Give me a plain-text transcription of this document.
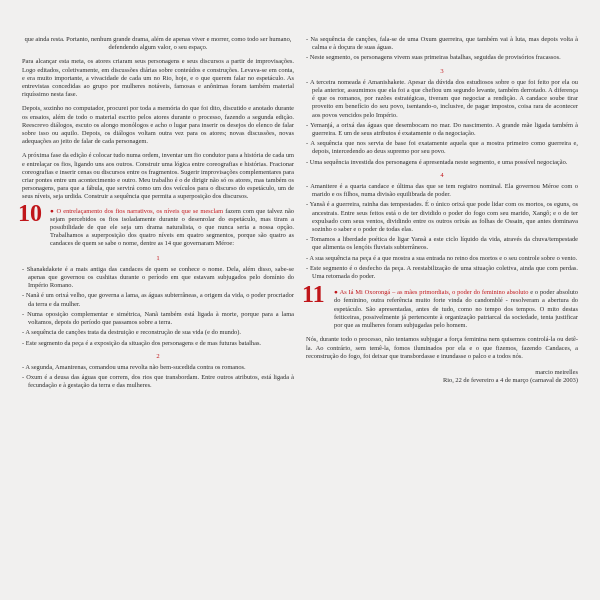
que ainda resta. Portanto, nenhum grande drama, além de apenas viver e morrer, como todo ser humano, defendendo algum valor, o seu espaço.

Para alcançar esta meta, os atores criaram seus personagens e seus discursos a partir de improvisações. Logo editados, coletivamente, em discussões diárias sobre conteúdos e construções. Levava-se em conta, e era muito importante, a vivacidade de cada um no Rio, hoje, e o que querem falar no espetáculo. As entrevistas concedidas ao grupo por mulheres notáveis, famosas e anônimas foram também material riquíssimo nesta fase.

Depois, sozinho no computador, procurei por toda a memória do que foi dito, discutido e anotado durante os ensaios, além de todo o material escrito pelos atores durante o processo, fazendo a segunda edição. Reescrevo diálogos, escuto os alongo monólogos e acho o lugar para inserir os desejos do elenco de falar sobre isso ou aquilo. Depois, os diálogos voltam outra vez para os atores; novas discussões, novas adequações ao jeito de falar de cada personagem.

A próxima fase da edição é colocar tudo numa ordem, inventar um fio condutor para a história de cada um e entrelaçar os fios, ligando uns aos outros. Construir uma lógica entre coreografias e histórias. Fracionar coreografias e inserir cenas ou discursos entre os fragmentos. Sugerir improvisações complementares para criar pontes entre um acontecimento e outro. Meu trabalho é o de dirigir não só os atores, mas também os personagens, para que a fábula, que servirá como um dos veículos para o discurso do espetáculo, um de seus níveis, seja urdida. Construir a sequência que permita a superposição dos discursos.

10 ● O entrelaçamento dos fios narrativos, os níveis que se mesclam fazem com que talvez não sejam percebidos os fios isoladamente durante o desenrolar do espetáculo, mas tiram a possibilidade de que ele seja um drama naturalista, o que nunca seria a nossa opção. Trabalhamos a superposição dos quatro níveis em quatro segmentos, porque são quatro as candaces de quem se sabe o nome, dentre as 14 que governaram Méroe:

1
- Shanakdakete é a mais antiga das candaces de quem se conhece o nome. Dela, além disso, sabe-se apenas que governou os cushitas durante o período em que estavam subjugados pelo domínio do Império Romano.
- Nanã é um orixá velho, que governa a lama, as águas subterrâneas, a origem da vida, o poder procriador da terra e da mulher.
- Numa oposição complementar e simétrica, Nanã também está ligada à morte, porque para a lama voltamos, depois do período que passamos sobre a terra.
- A sequência de canções trata da destruição e reconstrução de sua vida (e do mundo).
- Este segmento da peça é a exposição da situação dos personagens e de mas futuras batalhas.
2
- A segunda, Amanirenas, comandou uma revolta não bem-sucedida contra os romanos.
- Oxum é a deusa das águas que correm, dos rios que transbordam. Entre outros atributos, está ligada à fecundação e à gestação da terra e das mulheres.
- Na sequência de canções, fala-se de uma Oxum guerreira, que também vai à luta, mas depois volta à calma e à doçura de suas águas.
- Neste segmento, os personagens vivem suas primeiras batalhas, seguidas de provisórios fracassos.
3
- A terceira nomeada é Amanishakete. Apesar da dúvida dos estudiosos sobre o que foi feito por ela ou pela anterior, assumimos que ela foi a que chefiou um segundo levante, também derrotado. A diferença é que os romanos, por razões estratégicas, tiveram que negociar a rendição. A candace soube tirar proveito em benefício do seu povo, isentando-o, inclusive, de pagar impostos, coisa rara de acontecer aos povos vencidos pelo Império.
- Yemanjá, a orixá das águas que desembocam no mar. Do nascimento. A grande mãe ligada também à guerreira. E um de seus atributos é exatamente o da negociação.
- A sequência que nos servia de base foi exatamente aquela que a mostra primeiro como guerreira e, depois, intercedendo ao deus supremo por seu povo.
- Uma sequência investida dos personagens é apresentada neste segmento, e uma possível negociação.
4
- Amanitere é a quarta candace e última das que se tem registro nominal. Ela governou Méroe com o marido e os filhos, numa divisão equilibrada de poder.
- Yansã é a guerreira, rainha das tempestades. É o único orixá que pode lidar com os mortos, os eguns, os ancestrais. Entre seus feitos está o de ter dividido o poder do fogo com seu marido, Xangô; e o de ter expulsado com seus ventos, dividindo entre os outros orixás as folhas de Ossain, que antes dominava sozinho o saber e o poder de todas elas.
- Tomamos a liberdade poética de ligar Yansã a este ciclo líquido da vida, através da chuva/tempestade que alimenta os lençóis fluviais subterrâneos.
- A sua sequência na peça é a que mostra a sua entrada no reino dos mortos e o seu controle sobre o vento.
- Este segmento é o desfecho da peça. A reestabilização de uma situação coletiva, ainda que com perdas. Uma retomada do poder.
11 ● As Iá Mi Oxorongá – as mães primordiais, o poder do feminino absoluto e o poder absoluto do feminino, outra referência muito forte vinda do candomblé - resolveram a abertura do espetáculo. São apresentadas, antes de tudo, como no tempo dos tempos. O mito destas feiticeiras, possivelmente já pertencente à organização patriarcal da sociedade, tenta justificar por que as mulheres foram subjugadas pelo homem.

Nós, durante todo o processo, não tentamos subjugar a força feminina nem quisemos controlá-la ou detê-la. Ao contrário, sem temê-la, fomos iluminados por ela e o que fizemos, fazendo Candaces, a reconstrução do fogo, foi deixar que transbordasse e inundasse o palco e a todos nós.

marcio meirelles
Rio, 22 de fevereiro a 4 de março (carnaval de 2003)
